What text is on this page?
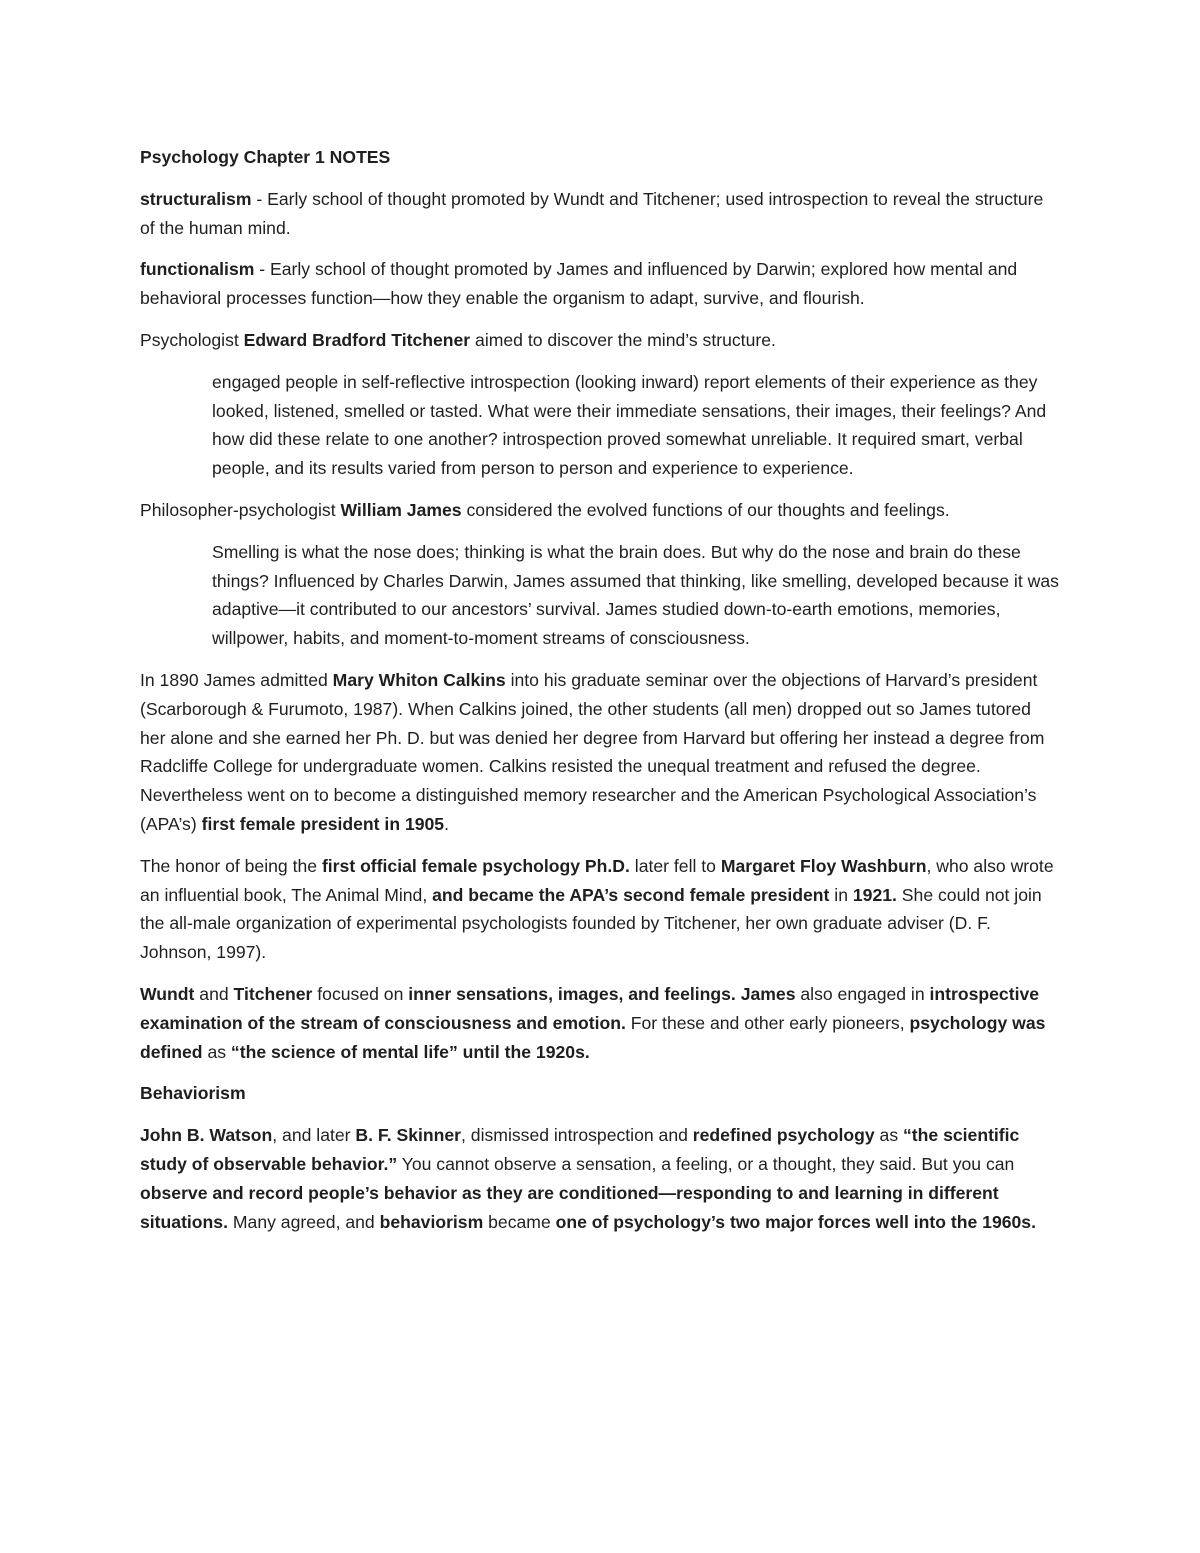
Psychology Chapter 1 NOTES

structuralism - Early school of thought promoted by Wundt and Titchener; used introspection to reveal the structure of the human mind.

functionalism - Early school of thought promoted by James and influenced by Darwin; explored how mental and behavioral processes function—how they enable the organism to adapt, survive, and flourish.

Psychologist Edward Bradford Titchener aimed to discover the mind’s structure.

engaged people in self-reflective introspection (looking inward) report elements of their experience as they looked, listened, smelled or tasted. What were their immediate sensations, their images, their feelings? And how did these relate to one another? introspection proved somewhat unreliable. It required smart, verbal people, and its results varied from person to person and experience to experience.

Philosopher-psychologist William James considered the evolved functions of our thoughts and feelings.

Smelling is what the nose does; thinking is what the brain does. But why do the nose and brain do these things? Influenced by Charles Darwin, James assumed that thinking, like smelling, developed because it was adaptive—it contributed to our ancestors’ survival. James studied down-to-earth emotions, memories, willpower, habits, and moment-to-moment streams of consciousness.

In 1890 James admitted Mary Whiton Calkins into his graduate seminar over the objections of Harvard’s president (Scarborough & Furumoto, 1987). When Calkins joined, the other students (all men) dropped out so James tutored her alone and she earned her Ph. D. but was denied her degree from Harvard but offering her instead a degree from Radcliffe College for undergraduate women. Calkins resisted the unequal treatment and refused the degree. Nevertheless went on to become a distinguished memory researcher and the American Psychological Association’s (APA’s) first female president in 1905.

The honor of being the first official female psychology Ph.D. later fell to Margaret Floy Washburn, who also wrote an influential book, The Animal Mind, and became the APA’s second female president in 1921. She could not join the all-male organization of experimental psychologists founded by Titchener, her own graduate adviser (D. F. Johnson, 1997).

Wundt and Titchener focused on inner sensations, images, and feelings. James also engaged in introspective examination of the stream of consciousness and emotion. For these and other early pioneers, psychology was defined as “the science of mental life” until the 1920s.

Behaviorism

John B. Watson, and later B. F. Skinner, dismissed introspection and redefined psychology as “the scientific study of observable behavior.” You cannot observe a sensation, a feeling, or a thought, they said. But you can observe and record people’s behavior as they are conditioned—responding to and learning in different situations. Many agreed, and behaviorism became one of psychology’s two major forces well into the 1960s.
